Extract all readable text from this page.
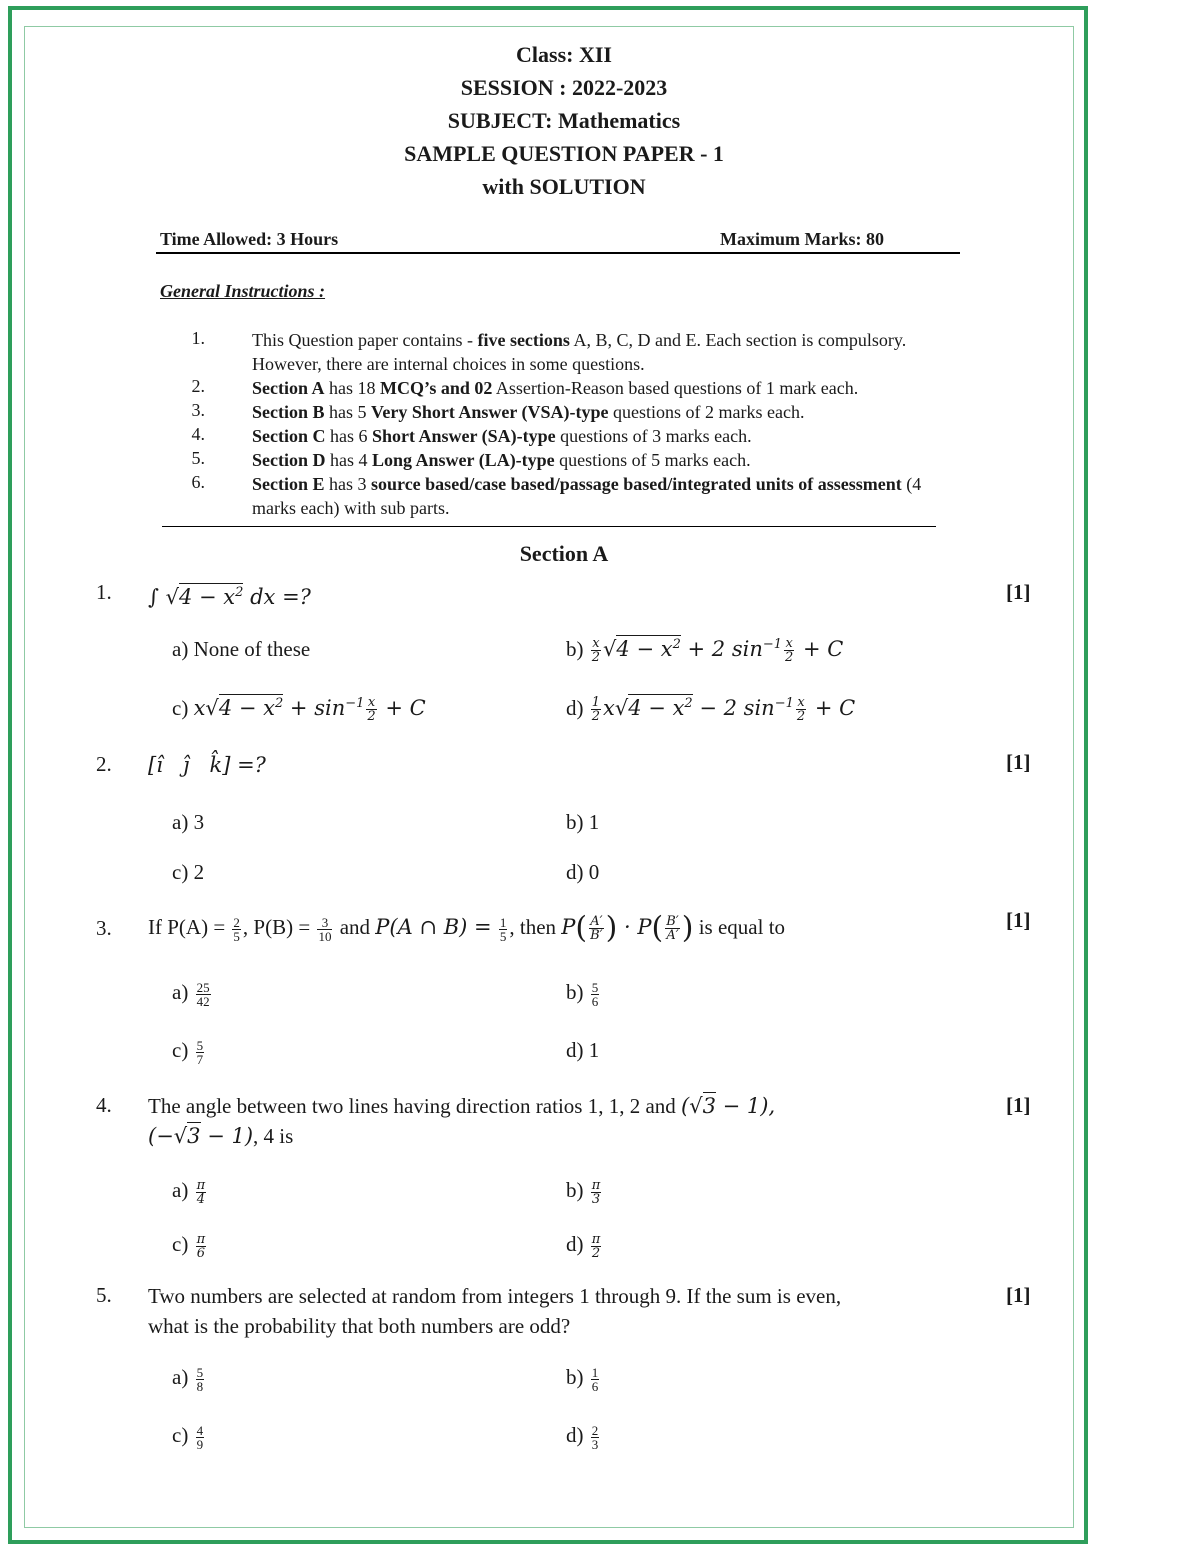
Class: XII
SESSION : 2022-2023
SUBJECT: Mathematics
SAMPLE QUESTION PAPER - 1
with SOLUTION
Time Allowed: 3 Hours	Maximum Marks: 80
General Instructions :
1.	This Question paper contains - five sections A, B, C, D and E. Each section is compulsory. However, there are internal choices in some questions.
2.	Section A has 18 MCQ’s and 02 Assertion-Reason based questions of 1 mark each.
3.	Section B has 5 Very Short Answer (VSA)-type questions of 2 marks each.
4.	Section C has 6 Short Answer (SA)-type questions of 3 marks each.
5.	Section D has 4 Long Answer (LA)-type questions of 5 marks each.
6.	Section E has 3 source based/case based/passage based/integrated units of assessment (4 marks each) with sub parts.
Section A
1. ∫ $√4 - x^2$ dx =?	[1]
a) None of these	$b) \frac{x}{2} √4 - x^2 + 2$ $\sin^{-1} \frac{x}{2} + C$
c) $x√4 - x^2 + \sin^{-1} \frac{x}{2} + C$	$d) \frac{1}{2} x√4 - x^2 - 2$ $\sin^{-1} \frac{x}{2} + C$
2. [î   ĵ   k̂] =?	[1]
a) 3	b) 1
c) 2	d) 0
3. If $P(A) = \frac{2}{5}$ , $P(B) = \frac{3}{10}$ and P(A ∩ $B) = \frac{1}{5}$ , then $P( \frac{A'}{B'}$ ) · $P( \frac{B'}{A'}$ ) is equal to	[1]
$a) \frac{25}{42}$	$b) \frac{5}{6}$
$c) \frac{5}{7}$	d) 1
4. The angle between two lines having direction ratios 1, 1, 2 and (√3 − 1),
(−√3 − 1), 4 is
[1]
$a) \frac{\pi}{4}$	$b) \frac{\pi}{3}$
$c) \frac{\pi}{6}$	$d) \frac{\pi}{2}$
5. Two numbers are selected at random from integers 1 through 9. If the sum is even,
what is the probability that both numbers are odd?
[1]
$a) \frac{5}{8}$	$b) \frac{1}{6}$
$c) \frac{4}{9}$	$d) \frac{2}{3}$
